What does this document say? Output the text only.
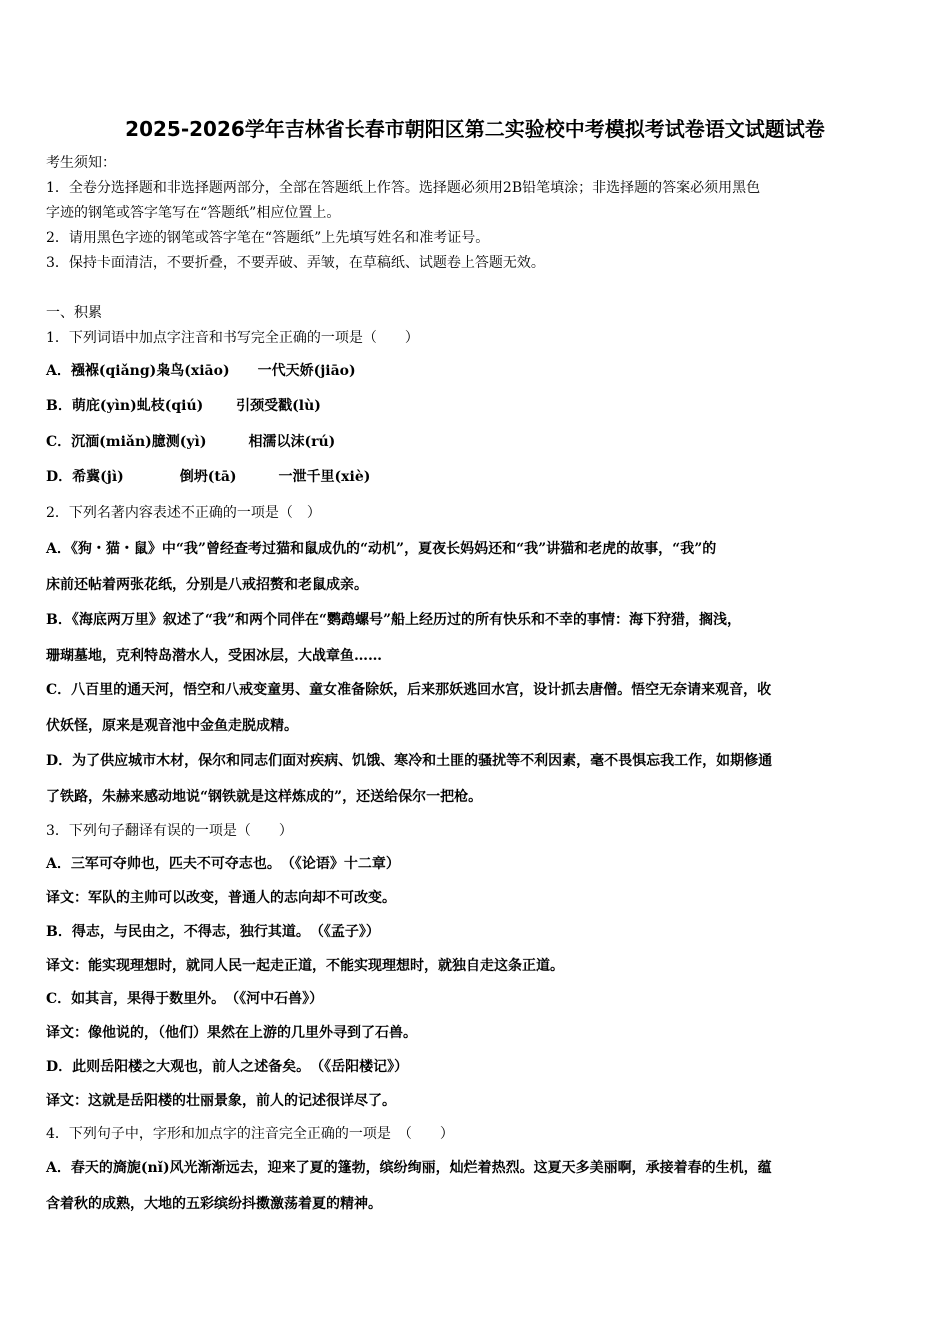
2025-2026学年吉林省长春市朝阳区第二实验校中考模拟考试卷语文试题试卷
考生须知：
1．全卷分选择题和非选择题两部分，全部在答题纸上作答。选择题必须用2B铅笔填涂；非选择题的答案必须用黑色
字迹的钢笔或答字笔写在“答题纸”相应位置上。
2．请用黑色字迹的钢笔或答字笔在“答题纸”上先填写姓名和准考证号。
3．保持卡面清洁，不要折叠，不要弄破、弄皱，在草稿纸、试题卷上答题无效。
一、积累
1．下列词语中加点字注音和书写完全正确的一项是（　　）
A．襁褓(qiǎng)枭鸟(xiāo)　　一代天娇(jiāo)
B．萌庇(yìn)虬枝(qiú)　　 引颈受戳(lù)
C．沉湎(miǎn)臆测(yì)　　　相濡以沫(rú)
D．希冀(jì)　　　　倒坍(tā)　　　一泄千里(xiè)
2．下列名著内容表述不正确的一项是（　）
A．《狗・猫・鼠》中“我”曾经查考过猫和鼠成仇的“动机”，夏夜长妈妈还和“我”讲猫和老虎的故事，“我”的
床前还帖着两张花纸，分别是八戒招赘和老鼠成亲。
B．《海底两万里》叙述了“我”和两个同伴在“鹦鹉螺号”船上经历过的所有快乐和不幸的事情：海下狩猎，搁浅，
珊瑚墓地，克利特岛潜水人，受困冰层，大战章鱼……
C．八百里的通天河，悟空和八戒变童男、童女准备除妖，后来那妖逃回水宫，设计抓去唐僧。悟空无奈请来观音，收
伏妖怪，原来是观音池中金鱼走脱成精。
D．为了供应城市木材，保尔和同志们面对疾病、饥饿、寒冷和土匪的骚扰等不利因素，毫不畏惧忘我工作，如期修通
了铁路，朱赫来感动地说“钢铁就是这样炼成的”，还送给保尔一把枪。
3．下列句子翻译有误的一项是（　　）
A．三军可夺帅也，匹夫不可夺志也。　（《论语》十二章）
译文：军队的主帅可以改变，普通人的志向却不可改变。
B．得志，与民由之，不得志，独行其道。　（《孟子》）
译文：能实现理想时，就同人民一起走正道，不能实现理想时，就独自走这条正道。
C．如其言，果得于数里外。　（《河中石兽》）
译文：像他说的，（他们）果然在上游的几里外寻到了石兽。
D．此则岳阳楼之大观也，前人之述备矣。　（《岳阳楼记》）
译文：这就是岳阳楼的壮丽景象，前人的记述很详尽了。
4．下列句子中，字形和加点字的注音完全正确的一项是　（　　）
A．春天的旖旎(nǐ)风光渐渐远去，迎来了夏的篷勃，缤纷绚丽，灿烂着热烈。这夏天多美丽啊，承接着春的生机，蕴
含着秋的成熟，大地的五彩缤纷抖擞激荡着夏的精神。
